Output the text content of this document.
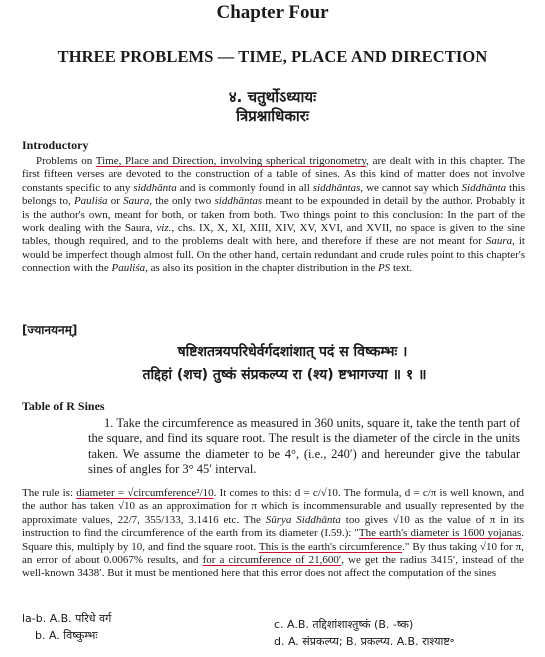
Chapter Four
THREE PROBLEMS — TIME, PLACE AND DIRECTION
४. चतुर्थोऽध्यायः
त्रिप्रश्नाधिकारः
Introductory

Problems on Time, Place and Direction, involving spherical trigonometry, are dealt with in this chapter. The first fifteen verses are devoted to the construction of a table of sines. As this kind of matter does not involve constants specific to any siddhānta and is commonly found in all siddhāntas, we cannot say which Siddhānta this belongs to, Pauliśa or Saura, the only two siddhāntas meant to be expounded in detail by the author. Probably it is the author's own, meant for both, or taken from both. Two things point to this conclusion: In the part of the work dealing with the Saura, viz., chs. IX, X, XI, XIII, XIV, XV, XVI, and XVII, no space is given to the sine tables, though required, and to the problems dealt with here, and therefore if these are not meant for Saura, it would be imperfect though almost full. On the other hand, certain redundant and crude rules point to this chapter's connection with the Pauliśa, as also its position in the chapter distribution in the PS text.

[ज्यानयनम्]
षष्टिशतत्रयपरिधेर्वर्गदशांशात् पदं स विष्कम्भः ।
तद्दिहां (शच) तुष्कं संप्रकल्प्य रा (श्य) ष्टभागज्या ॥ १ ॥
Table of R Sines

1. Take the circumference as measured in 360 units, square it, take the tenth part of the square, and find its square root. The result is the diameter of the circle in the units taken. We assume the diameter to be 4°, (i.e., 240′) and hereunder give the tabular sines of angles for 3° 45′ interval.

The rule is: diameter = √circumference²/10. It comes to this: d = c/√10. The formula, d = c/π is well known, and the author has taken √10 as an approximation for π which is incommensurable and usually represented by the approximate values, 22/7, 355/133, 3.1416 etc. The Sūrya Siddhānta too gives √10 as the value of π in its instruction to find the circumference of the earth from its diameter (I.59.): "The earth's diameter is 1600 yojanas. Square this, multiply by 10, and find the square root. This is the earth's circumference." By thus taking √10 for π, an error of about 0.0067% results, and for a circumference of 21,600′, we get the radius 3415′, instead of the well-known 3438′. But it must be mentioned here that this error does not affect the computation of the sines

la-b. A.B. परिधे वर्ग
b. A. विष्कुम्भः
c. A.B. तद्दिशांशाश्तुष्कं (B. -ष्क)
d. A. संप्रकल्प्य; B. प्रकल्प्य. A.B. राश्याष्ट॰
